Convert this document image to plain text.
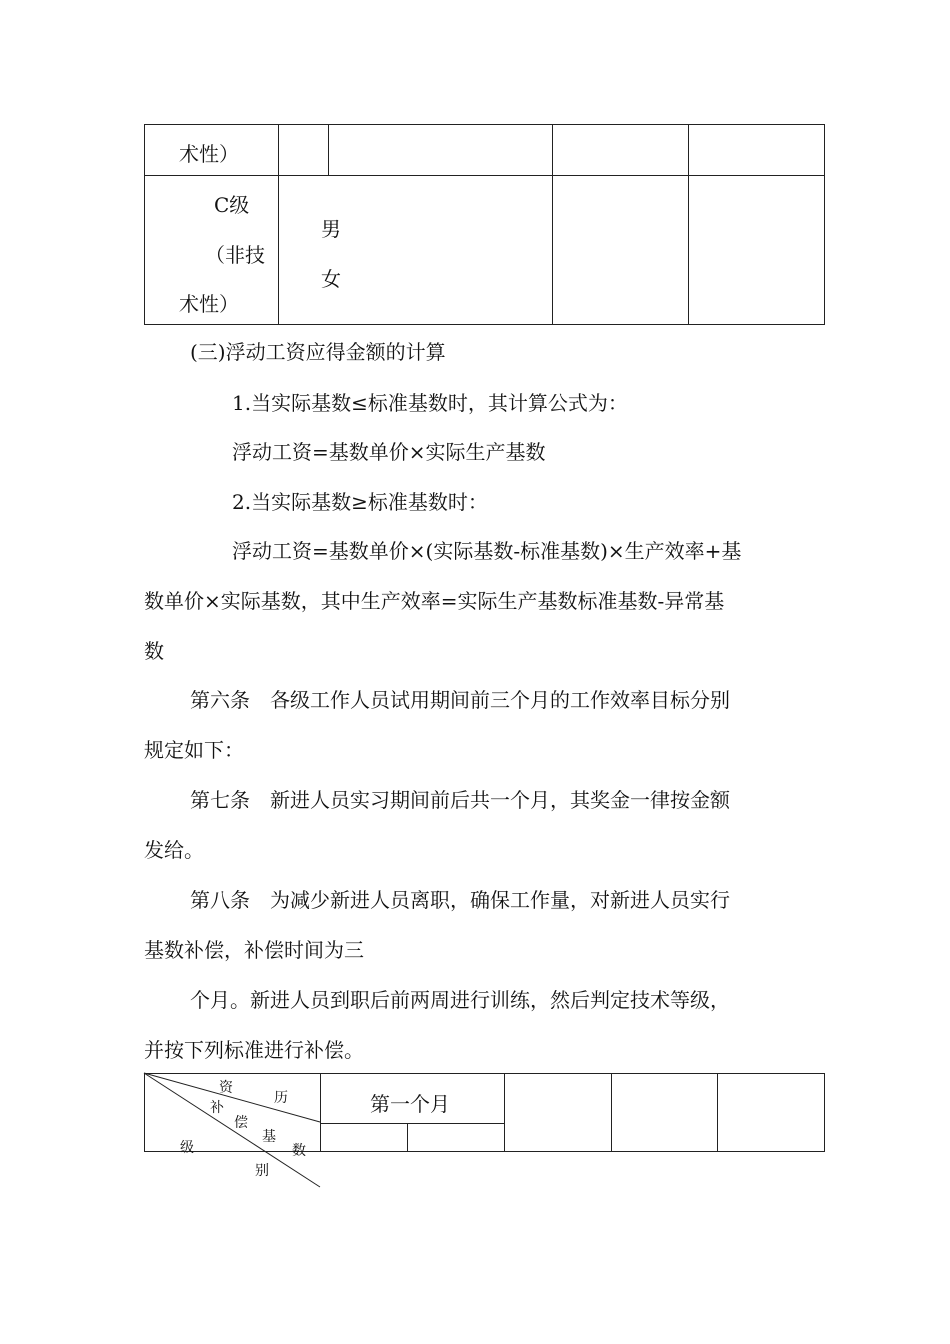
术性）
C级
（非技
术性）
男
女
(三)浮动工资应得金额的计算
1.当实际基数≤标准基数时，其计算公式为：
浮动工资=基数单价×实际生产基数
2.当实际基数≥标准基数时：
浮动工资=基数单价×(实际基数-标准基数)×生产效率+基
数单价×实际基数，其中生产效率=实际生产基数标准基数-异常基
数
第六条　各级工作人员试用期间前三个月的工作效率目标分别
规定如下：
第七条　新进人员实习期间前后共一个月，其奖金一律按金额
发给。
第八条　为减少新进人员离职，确保工作量，对新进人员实行
基数补偿，补偿时间为三
个月。新进人员到职后前两周进行训练，然后判定技术等级，
并按下列标准进行补偿。
资
历
补
偿
基
数
级
别
第一个月
